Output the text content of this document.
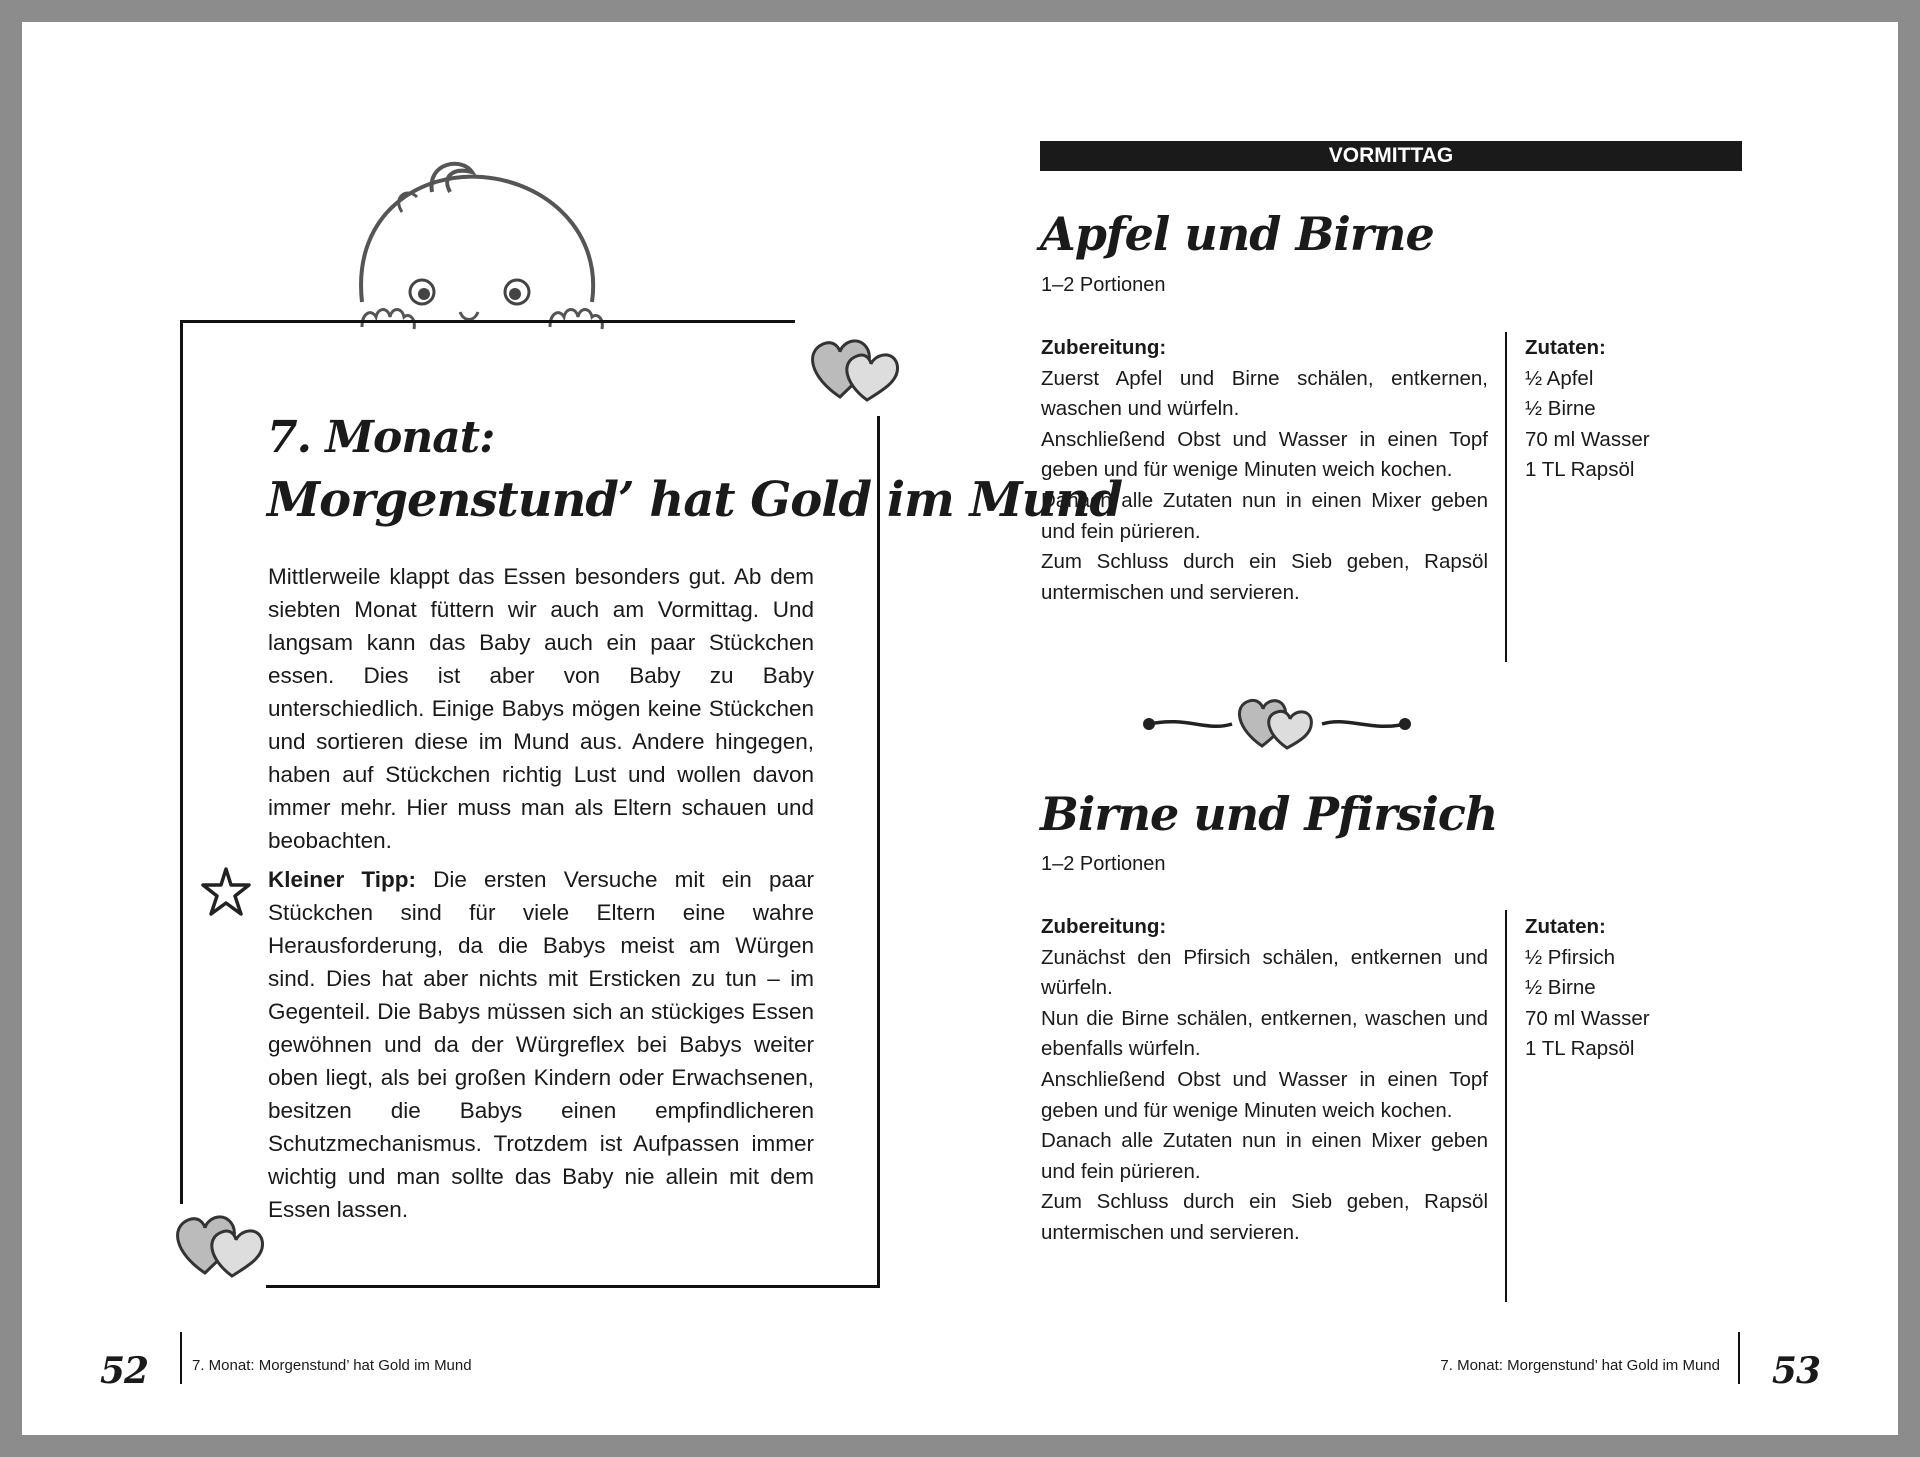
7. Monat:
Morgenstund’ hat Gold im Mund

Mittlerweile klappt das Essen besonders gut. Ab dem siebten Monat füttern wir auch am Vormittag. Und langsam kann das Baby auch ein paar Stückchen essen. Dies ist aber von Baby zu Baby unterschiedlich. Einige Babys mögen keine Stückchen und sortieren diese im Mund aus. Andere hingegen, haben auf Stückchen richtig Lust und wollen davon immer mehr. Hier muss man als Eltern schauen und beobachten.

Kleiner Tipp: Die ersten Versuche mit ein paar Stückchen sind für viele Eltern eine wahre Herausforderung, da die Babys meist am Würgen sind. Dies hat aber nichts mit Ersticken zu tun – im Gegenteil. Die Babys müssen sich an stückiges Essen gewöhnen und da der Würgreflex bei Babys weiter oben liegt, als bei großen Kindern oder Erwachsenen, besitzen die Babys einen empfindlicheren Schutzmechanismus. Trotzdem ist Aufpassen immer wichtig und man sollte das Baby nie allein mit dem Essen lassen.

52	7. Monat: Morgenstund’ hat Gold im Mund
VORMITTAG
Apfel und Birne
1–2 Portionen
Zubereitung:
Zuerst Apfel und Birne schälen, entkernen, waschen und würfeln.
Anschließend Obst und Wasser in einen Topf geben und für wenige Minuten weich kochen.
Danach alle Zutaten nun in einen Mixer geben und fein pürieren.
Zum Schluss durch ein Sieb geben, Rapsöl untermischen und servieren.
Zutaten:
½ Apfel
½ Birne
70 ml Wasser
1 TL Rapsöl
Birne und Pfirsich
1–2 Portionen
Zubereitung:
Zunächst den Pfirsich schälen, entkernen und würfeln.
Nun die Birne schälen, entkernen, waschen und ebenfalls würfeln.
Anschließend Obst und Wasser in einen Topf geben und für wenige Minuten weich kochen.
Danach alle Zutaten nun in einen Mixer geben und fein pürieren.
Zum Schluss durch ein Sieb geben, Rapsöl untermischen und servieren.
Zutaten:
½ Pfirsich
½ Birne
70 ml Wasser
1 TL Rapsöl
7. Monat: Morgenstund’ hat Gold im Mund 53
